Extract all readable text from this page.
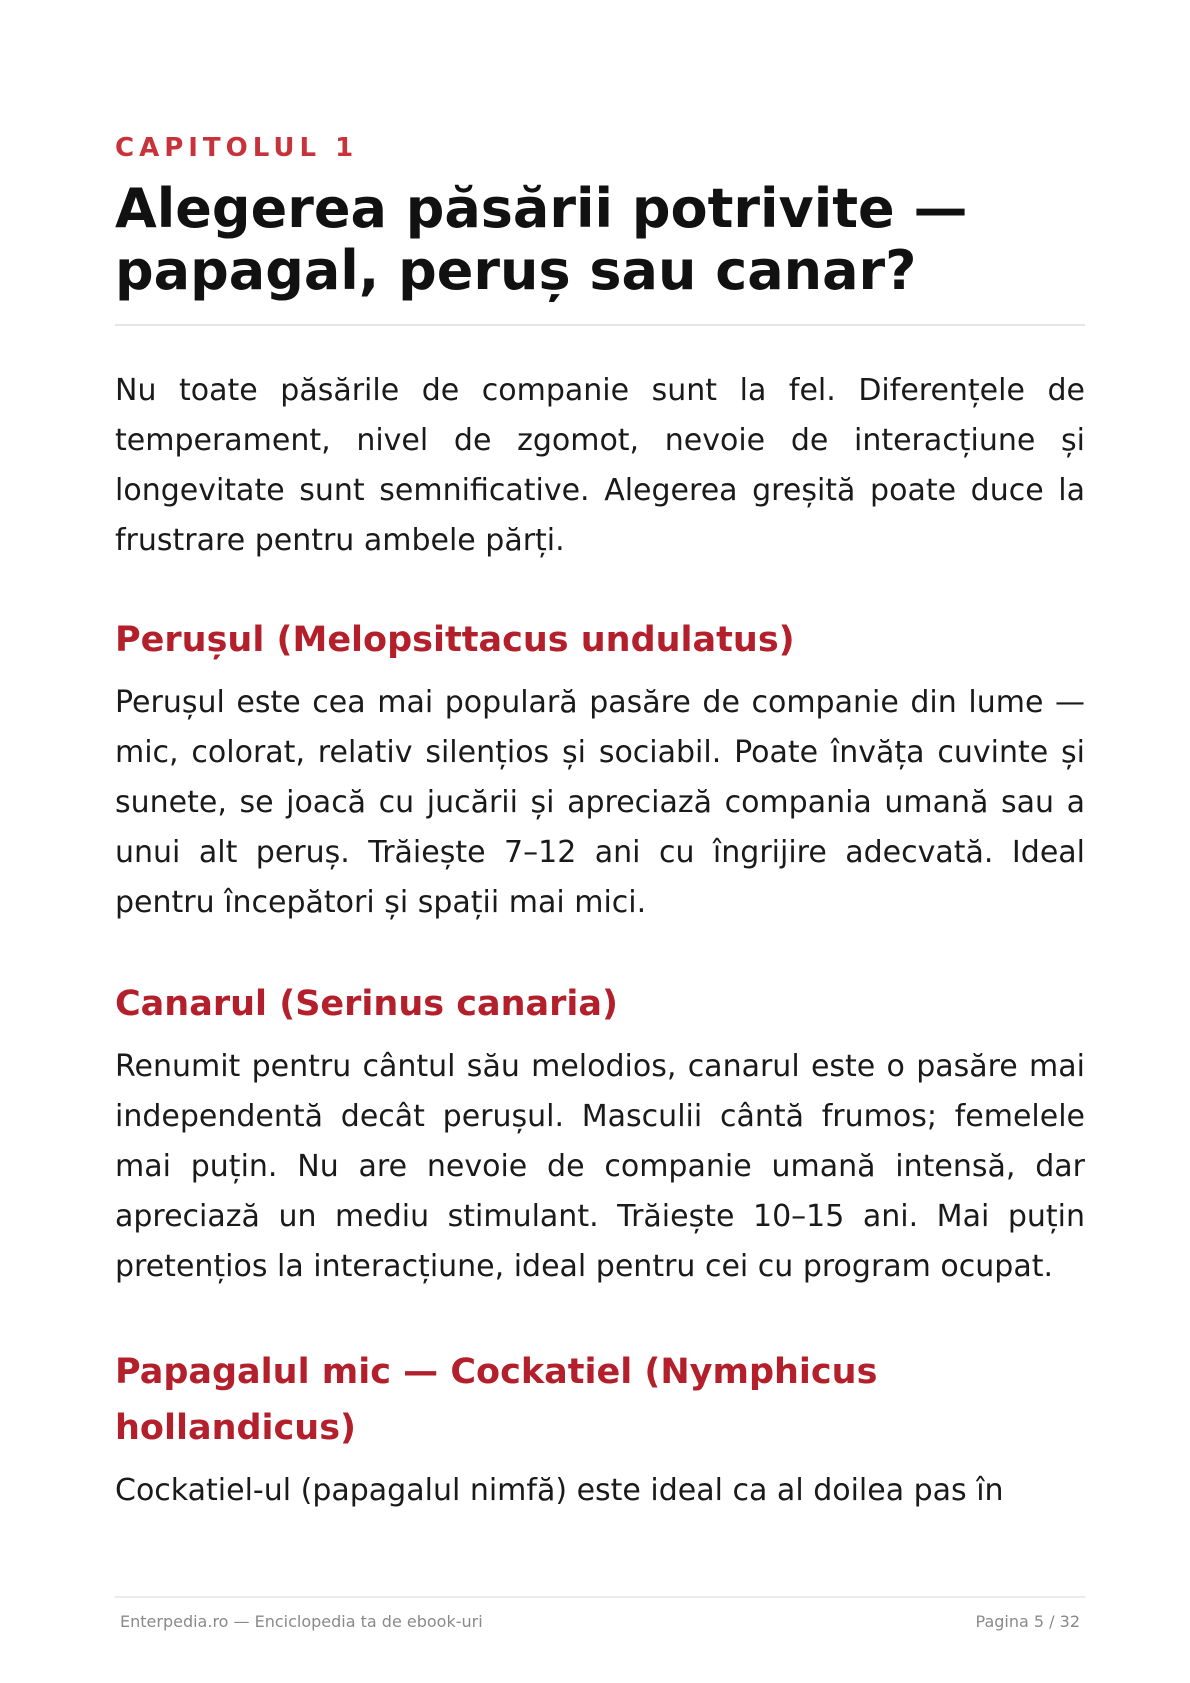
CAPITOLUL 1
Alegerea păsării potrivite — papagal, peruș sau canar?

Nu toate păsările de companie sunt la fel. Diferențele de temperament, nivel de zgomot, nevoie de interacțiune și longevitate sunt semnificative. Alegerea greșită poate duce la frustrare pentru ambele părți.

Perușul (Melopsittacus undulatus)

Perușul este cea mai populară pasăre de companie din lume — mic, colorat, relativ silențios și sociabil. Poate învăța cuvinte și sunete, se joacă cu jucării și apreciază compania umană sau a unui alt peruș. Trăiește 7–12 ani cu îngrijire adecvată. Ideal pentru începători și spații mai mici.

Canarul (Serinus canaria)

Renumit pentru cântul său melodios, canarul este o pasăre mai independentă decât perușul. Masculii cântă frumos; femelele mai puțin. Nu are nevoie de companie umană intensă, dar apreciază un mediu stimulant. Trăiește 10–15 ani. Mai puțin pretențios la interacțiune, ideal pentru cei cu program ocupat.

Papagalul mic — Cockatiel (Nymphicus hollandicus)

Cockatiel-ul (papagalul nimfă) este ideal ca al doilea pas în

Enterpedia.ro — Enciclopedia ta de ebook-uri	Pagina 5 / 32
